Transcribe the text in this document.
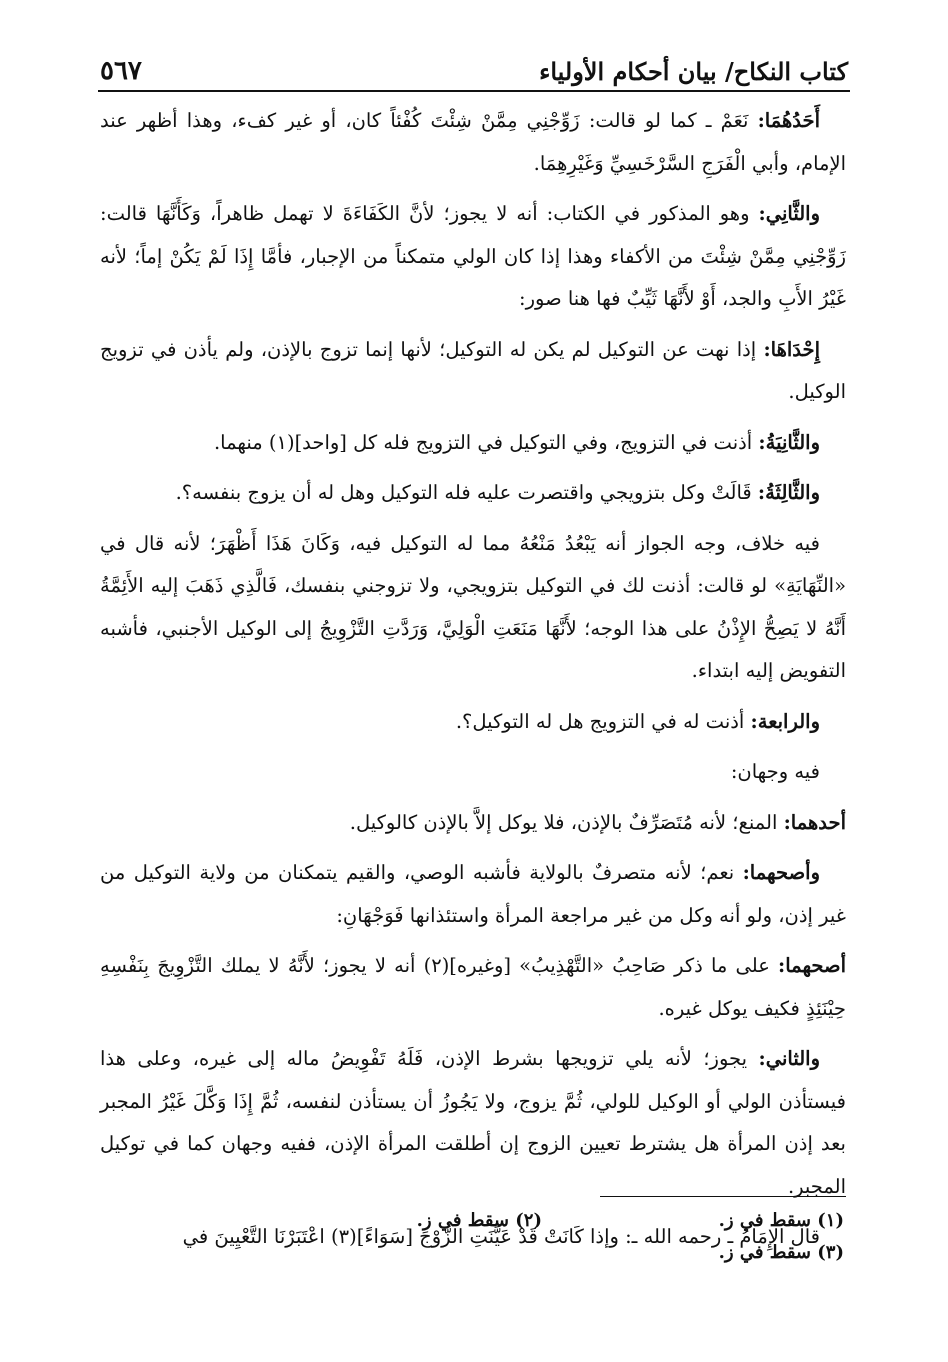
كتاب النكاح/ بيان أحكام الأولياء
٥٦٧

أَحَدُهُمَا: نَعَمْ ـ كما لو قالت: زَوِّجْنِي مِمَّنْ شِئْتَ كُفْئاً كان، أو غير كفء، وهذا أظهر عند الإمام، وأبي الْفَرَجِ السَّرْخَسِيِّ وَغَيْرِهِمَا.

والثَّانِي: وهو المذكور في الكتاب: أنه لا يجوز؛ لأنَّ الكَفَاءَةَ لا تهمل ظاهراً، وَكَأَنَّهَا قالت: زَوِّجْنِي مِمَّنْ شِئْتَ من الأكفاء وهذا إذا كان الولي متمكناً من الإجبار، فأمَّا إِذَا لَمْ يَكُنْ إماً؛ لأنه غَيْرُ الأَبِ والجد، أَوْ لأَنَّهَا ثَيِّبٌ فها هنا صور:

إِحْدَاهَا: إذا نهت عن التوكيل لم يكن له التوكيل؛ لأنها إنما تزوج بالإذن، ولم يأذن في تزويج الوكيل.

والثَّانِيَةُ: أذنت في التزويج، وفي التوكيل في التزويج فله كل [واحد](١) منهما.

والثَّالِثَةُ: قَالَتْ وكل بتزويجي واقتصرت عليه فله التوكيل وهل له أن يزوج بنفسه؟.

فيه خلاف، وجه الجواز أنه يَبْعُدُ مَنْعُهُ مما له التوكيل فيه، وَكَانَ هَذَا أَظْهَرَ؛ لأنه قال في «النِّهَايَةِ» لو قالت: أذنت لك في التوكيل بتزويجي، ولا تزوجني بنفسك، فَالَّذِي ذَهَبَ إليه الأَئِمَّةُ أَنَّهُ لا يَصِحُّ الإِذْنُ على هذا الوجه؛ لأَنَّهَا مَنَعَتِ الْوَلِيَّ، وَرَدَّتِ التَّزْوِيجُ إلى الوكيل الأجنبي، فأشبه التفويض إليه ابتداء.

والرابعة: أذنت له في التزويج هل له التوكيل؟.

فيه وجهان:

أحدهما: المنع؛ لأنه مُتَصَرِّفٌ بالإذن، فلا يوكل إلاَّ بالإذن كالوكيل.

وأصحهما: نعم؛ لأنه متصرفٌ بالولاية فأشبه الوصي، والقيم يتمكنان من ولاية التوكيل من غير إذن، ولو أنه وكل من غير مراجعة المرأة واستئذانها فَوَجْهَانِ:

أصحهما: على ما ذكر صَاحِبُ «التَّهْذِيبُ» [وغيره](٢) أنه لا يجوز؛ لأَنَّهُ لا يملك التَّزْوِيجَ بِنَفْسِهِ حِيْنَئِذٍ فكيف يوكل غيره.

والثاني: يجوز؛ لأنه يلي تزويجها بشرط الإذن، فَلَهُ تَفْوِيضُ ماله إلى غيره، وعلى هذا فيستأذن الولي أو الوكيل للولي، ثُمَّ يزوج، ولا يَجُوزُ أن يستأذن لنفسه، ثُمَّ إِذَا وَكَّلَ غَيْرُ المجبر بعد إذن المرأة هل يشترط تعيين الزوج إن أطلقت المرأة الإذن، ففيه وجهان كما في توكيل المجبر.

قال الإِمَامُ ـ رحمه الله ـ: وإذا كَانَتْ قَدْ عَيَّنَتِ الزَّوْجَ [سَوَاءً](٣) اعْتَبَرْنَا التَّعْيِينَ في

(١) سقط في ز.
(٢) سقط في ز.
(٣) سقط في ز.
